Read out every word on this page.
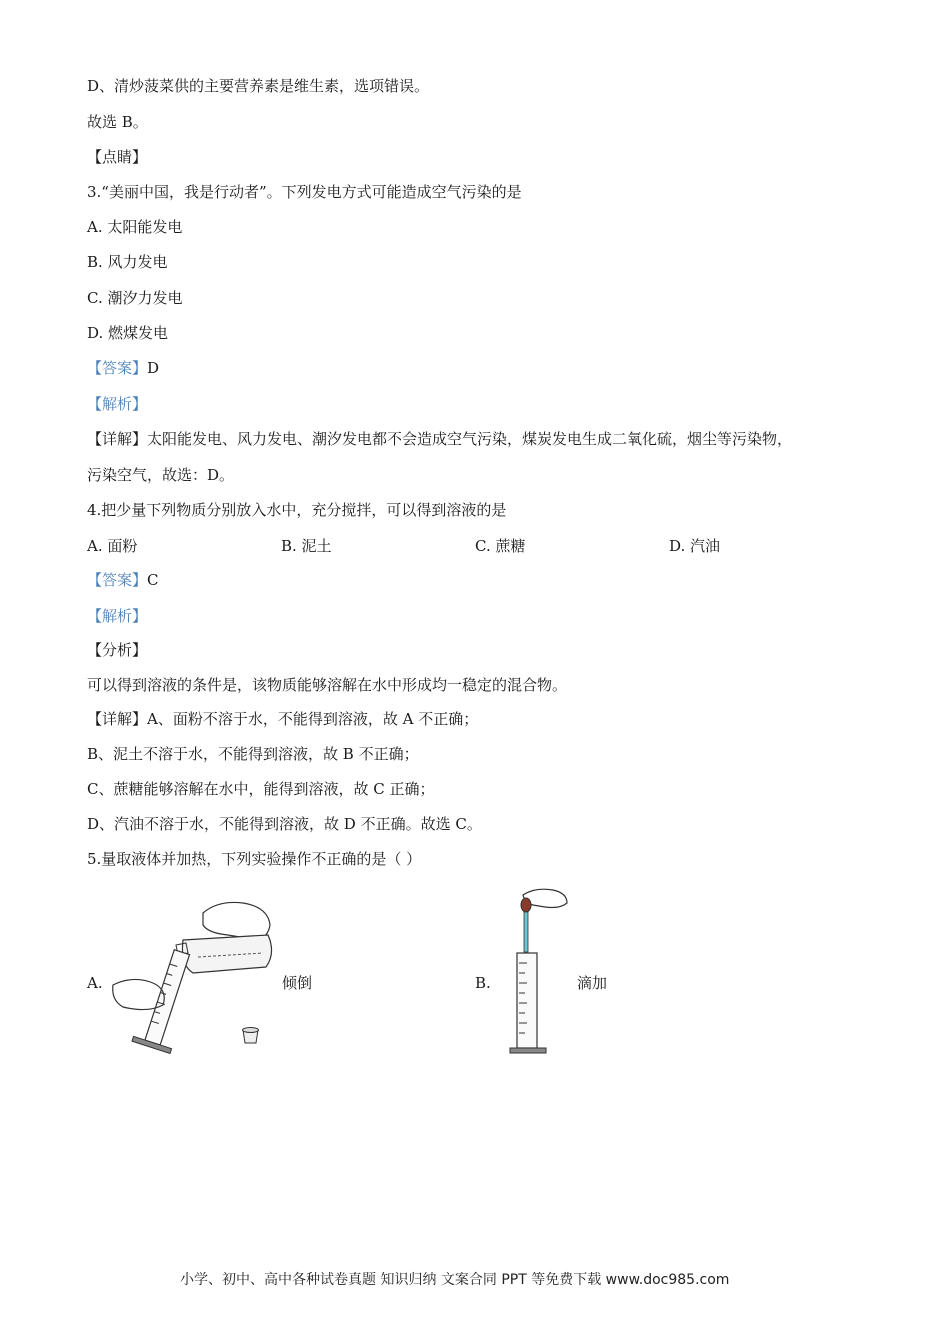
D、清炒菠菜供的主要营养素是维生素，选项错误。
故选 B。
【点睛】
3.“美丽中国，我是行动者”。下列发电方式可能造成空气污染的是
A. 太阳能发电
B. 风力发电
C. 潮汐力发电
D. 燃煤发电
【答案】D
【解析】
【详解】太阳能发电、风力发电、潮汐发电都不会造成空气污染，煤炭发电生成二氧化硫，烟尘等污染物，
污染空气，故选：D。
4.把少量下列物质分别放入水中，充分搅拌，可以得到溶液的是
A. 面粉	B. 泥土	C. 蔗糖	D. 汽油
【答案】C
【解析】
【分析】
可以得到溶液的条件是，该物质能够溶解在水中形成均一稳定的混合物。
【详解】A、面粉不溶于水，不能得到溶液，故 A 不正确；
B、泥土不溶于水，不能得到溶液，故 B 不正确；
C、蔗糖能够溶解在水中，能得到溶液，故 C 正确；
D、汽油不溶于水，不能得到溶液，故 D 不正确。故选 C。
5.量取液体并加热，下列实验操作不正确的是（ ）
A.	倾倒	B.	滴加
小学、初中、高中各种试卷真题 知识归纳 文案合同 PPT 等免费下载 www.doc985.com
